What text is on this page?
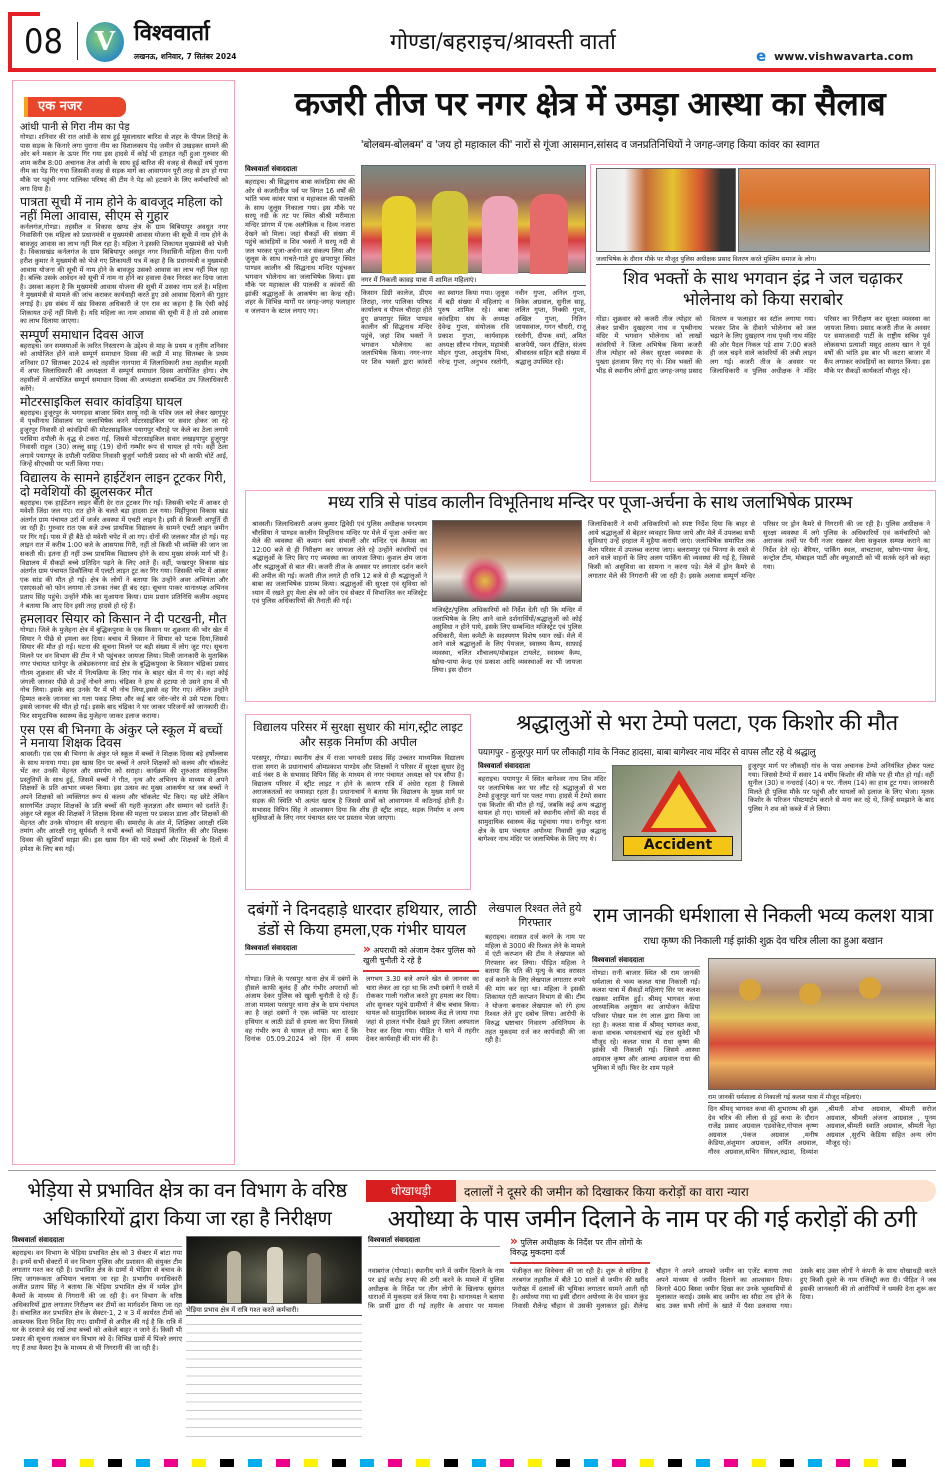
08	V विश्ववार्ता
लखनऊ, शनिवार, 7 सितंबर 2024
गोण्डा/बहराइच/श्रावस्ती वार्ता
e www.vishwavarta.com
एक नजर
आंधी पानी से गिरा नीम का पेड़
गोण्डा। शनिवार की रात आंधी के साथ हुई मूसलाधार बारिश से शहर के पीपल तिराहे के पास सड़क के किनारे लगा पुराना नीम का विशालकाय पेड़ जमीन से उखड़कर सामने की ओर बने मकान के ऊपर गिर गया इस हादसे में कोई भी हताहत नहीं हुआ गुरुवार की शाम करीब 8:00 अचानक तेज आंधी के साथ हुई बारिश की वजह से सैकड़ों वर्ष पुराना नीम का पेड़ गिर गया जिसकी वजह से सड़क मार्ग का आवागमन पूरी तरह से ठप हो गया मौके पर पहुंची नगर पालिका परिषद की टीम ने पेड़ को हटवाने के लिए कर्मचारियों को लगा दिया है।
पात्रता सूची में नाम होने के बावजूद महिला को नहीं मिला आवास, सीएम से गुहार
कर्नलगंज,गोण्डा। तहसील व विकास खण्ड क्षेत्र के ग्राम बिबियापुर अवधूत नगर निवासिनी एक महिला को प्रधानमंत्री व मुख्यमंत्री आवास योजना की सूची में नाम होने के बावजूद आवास का लाभ नहीं मिल रहा है। महिला ने इसकी शिकायत मुख्यमंत्री को भेजी है। विकासखंड कर्नलगंज के ग्राम बिबियापुर अवधूत नगर निवासिनी महिला रीना पत्नी हरीश कुमार ने मुख्यमंत्री को भेजे गए शिकायती पत्र में कहा है कि प्रधानमंत्री व मुख्यमंत्री आवास योजना की सूची में नाम होने के बावजूद उसको आवास का लाभ नहीं मिल रहा है। बल्कि उसके आवेदन को सूची में नाम ना होने का हवाला देकर निरस्त कर दिया जाता है। उसका कहना है कि मुख्यमंत्री आवास योजना की सूची में उसका नाम दर्ज है। महिला ने मुख्यमंत्री से मामले की जांच कराकर कार्यवाही करते हुए उसे आवास दिलाने की गुहार लगाई है। इस संबंध में खंड विकास अधिकारी जे एन राव का कहना है कि ऐसी कोई शिकायत उन्हें नहीं मिली है। यदि महिला का नाम आवास की सूची में है तो उसे आवास का लाभ दिलाया जाएगा।
सम्पूर्ण समाधान दिवस आज
बहराइच। जन समस्याओं के त्वरित निस्तारण के उद्देश्य से माह के प्रथम व तृतीय शनिवार को आयोजित होने वाले सम्पूर्ण समाधान दिवस की कड़ी में माह सितम्बर के प्रथम शनिवार 07 सितम्बर 2024 को तहसील नानपारा में जिलाधिकारी तथा तहसील महसी में अपर जिलाधिकारी की अध्यक्षता में सम्पूर्ण समाधान दिवस आयोजित होगा। शेष तहसीलों में आयोजित सम्पूर्ण समाधान दिवस की अध्यक्षता सम्बन्धित उप जिलाधिकारी करेंगे।
मोटरसाइकिल सवार कांवड़िया घायल
बहराइच। हुजूरपुर के भगगड़वा बाजार स्थित सरयू नदी के पवित्र जल को लेकर खरगुपुर में पृथ्वीनाथ शिवालय पर जलाभिषेक करने मोटरसाइकिल पर सवार होकर जा रहे हुजूरपुर निवासी दो कांवड़ियों की मोटरसाइकिल पयागपुर चौराहे पर केले का ठेला लगाये परसिया दपौली के वृद्ध से टकरा गई, जिससे मोटरसाइकिल सवार लखइयापुर हुजूरपुर निवासी राहुल (30) लल्लू साहू (19) दोनों गम्भीर रूप से घायल हो गये। वहीं ठेला लगाये पयागपुर के दपौली परसिया निवासी बुजुर्ग भगौती प्रसाद को भी काफी चोटें आईं, जिन्हें सीएचसी पर भर्ती किया गया।
विद्यालय के सामने हाईटेंशन लाइन टूटकर गिरी, दो मवेशियों की झुलसकर मौत
बहराइच। एक हाईटेंशन लाइन बीती देर रात टूटकर गिर गई। जिसकी चपेट में आकर दो मवेशी जिंदा जल गए। रात होने के चलते बड़ा हादसा टल गया। मिहींपुरवा विकास खंड अंतर्गत ग्राम पंचायत उर्रा में जर्जर अवस्था में एचटी लाइन है। इसी से बिजली आपूर्ति दी जा रही है। गुरुवार रात एक बजे उच्च प्राथमिक विद्यालय के सामने एचटी लाइन जमीन पर गिर गई। पास में ही बैठे दो मवेशी चपेट में आ गए। दोनों की जलकर मौत हो गई। यह लाइन रात में करीब 1:00 बजे के आसपास गिरी, नहीं तो किसी भी व्यक्ति की जान जा सकती थी। इतना ही नहीं उच्च प्राथमिक विद्यालय होने के साथ मुख्य संपर्क मार्ग भी है। विद्यालय में सैकड़ों बच्चे प्रतिदिन पढ़ने के लिए आते हैं। वहीं, फखरपुर विकास खंड अंतर्गत ग्राम पंचायत डिकौलिया में एलटी लाइन टूट कर गिर गया। जिसकी चपेट में आकर एक सांड की मौत हो गई। क्षेत्र के लोगों ने बताया कि उन्होंने अवर अभियंता और एसएसओ को फोन लगाया तो उनका नंबर ही बंद रहा। सूचना पाकर थानाध्यक्ष अभिनव प्रताप सिंह पहुंचे। उन्होंने मौके का मुआयना किया। ग्राम प्रधान प्रतिनिधि कलीम अहमद ने बताया कि आए दिन इसी तरह हादसे हो रहे हैं।
हमलावर सियार को किसान ने दी पटखनी, मौत
गोण्डा। जिले के मुजेहना क्षेत्र में बुद्धिकपुरवा के एक किसान पर शुक्रवार की भोर खेत में सियार ने पीछे से हमला कर दिया। बचाव में किसान ने सियार को पटक दिया,जिससे सियार की मौत हो गई। घटना की सूचना मिलने पर बड़ी संख्या में लोग जुट गए। सूचना मिलने पर वन विभाग की टीम ने भी पहुंचकर जायजा लिया। मिली जानकारी के मुताबिक नगर पंचायत धानेपुर के अंबेडकरनगर वार्ड क्षेत्र के बुद्धिकपुरवा के किसान चंद्रिका प्रसाद गौतम शुक्रवार की भोर में नित्यक्रिया के लिए गांव के बाहर खेत में गए थे। वहां कोई जंगली जानवर पीछे से उन्हें नोचने लगा। चंद्रिका ने हाथ से हटाया तो उसने हाथ में भी नोच लिया। इसके बाद उनके पैर में भी नोच लिया,इससे वह गिर गए। लेकिन उन्होंने हिम्मत करके जानवर का गला पकड़ लिया और कई बार जोर-जोर से उसे पटक दिया। इससे जानवर की मौत हो गई। इसके बाद चंद्रिका ने घर जाकर परिजनों को जानकारी दी। फिर सामुदायिक स्वास्थ्य केंद्र मुजेहना जाकर इलाज कराया।
एस एस बी भिनगा के अंकुर प्ले स्कूल में बच्चों ने मनाया शिक्षक दिवस
श्रावस्ती। एस एस बी भिनगा के अंकुर प्ले स्कूल में बच्चों ने शिक्षक दिवस बड़े हर्षोल्लास के साथ मनाया गया। इस खास दिन पर बच्चों ने अपने शिक्षकों को कलम और चॉकलेट भेंट कर उनकी मेहनत और समर्पण को सराहा। कार्यक्रम की शुरुआत सांस्कृतिक प्रस्तुतियों के साथ हुई, जिसमें बच्चों ने गीत, नृत्य और अभिनय के माध्यम से अपने शिक्षकों के प्रति आभार व्यक्त किया। इस उत्सव का मुख्य आकर्षण था जब बच्चों ने अपने शिक्षकों को व्यक्तिगत रूप से कलम और चॉकलेट भेंट किए। यह छोटे लेकिन सारगर्भित उपहार शिक्षकों के प्रति बच्चों की गहरी कृतज्ञता और सम्मान को दर्शाते हैं। अंकुर प्ले स्कूल की शिक्षकों ने शिक्षक दिवस की महत्ता पर प्रकाश डाला और शिक्षकों की मेहनत और उनके योगदान की सराहना की। समारोह के अंत में, शिक्षिका आरक्षी रश्मि तमांग और आरक्षी रानू सूर्यवंशी ने सभी बच्चों को मिठाइयाँ वितरित की और शिक्षक दिवस की खुशियाँ साझा की। इस खास दिन की यादें बच्चों और शिक्षकों के दिलों में हमेशा के लिए बस गईं।
कजरी तीज पर नगर क्षेत्र में उमड़ा आस्था का सैलाब
'बोलबम-बोलबम' व 'जय हो महाकाल की' नारों से गूंजा आसमान,सांसद व जनप्रतिनिधियों ने जगह-जगह किया कांवर का स्वागत
विश्ववार्ता संवाददाता
बहराइच। श्री सिद्धनाथ बाबा कांवड़िया संघ की ओर से कजरीतीज पर्व पर विगत 16 वर्षों की भांति भव्य कांवर यात्रा व महाकाल की पालकी के साथ जुलूस निकाला गया। इस मौके पर सरयू नदी के तट पर स्थित श्रीश्री मरीमाता मन्दिर प्रांगण में एक अलौकिक व दिव्य नजारा देखने को मिला। जहां सैकड़ों की संख्या में पहुंचे कांवड़ियों व शिव भक्तों ने सरयू नदी से जल भरकर पूजा-अर्चना कर संकल्प लिया और जुलूस के साथ नाचते-गाते हुए छपरापुर स्थित पाण्डव कालीन श्री सिद्धनाथ मन्दिर पहुंचकर भगवान भोलेनाथ का जलाभिषेक किया। इस मौके पर महाकाल की पालकी व कांवरों की झांकी श्रद्धालुओं के आकर्षण का केन्द्र रही। शहर के विभिन्न मार्गों पर जगह-जगह फलाहार व जलपान के स्टाल लगाए गए।
नगर में निकली कावड़ यात्रा में शामिल महिलाएं।
किसान डिग्री कालेज, डीएम तिराहा, नगर पालिका परिषद कार्यालय व पीपल चौराहा होते हुए छपरापुर स्थित पाण्डव कालीन श्री सिद्धनाथ मन्दिर पहुंचे, जहां शिव भक्तों ने भगवान भोलेनाथ का जलाभिषेक किया। नगर-नगर पर शिव भक्तों द्वारा कांवरों का स्वागत किया गया। जुलूस में बड़ी संख्या में महिलाएं व पुरुष शामिल रहे। बाबा कांवड़िया संघ के अध्यक्ष देवेन्द्र गुप्ता, संयोजक रवि प्रकाश गुप्ता, कार्यवाहक अध्यक्ष सौरभ गोयल, महामंत्री मोहन गुप्ता, आशुतोष मिश्रा, नरेन्द्र गुप्ता, अनुभव रस्तोगी, नवीन गुप्ता, अनिल गुप्ता, विवेक अग्रवाल, सुनील साहू, ललित गुप्ता, निक्की गुप्ता, अखिल गुप्ता, नितिन जायसवाल, गगन चौधरी, राजू रस्तोगी, दीपक वर्मा, अमित बाजपेयी, पवन दीक्षित, संजय श्रीवास्तव सहित बड़ी संख्या में श्रद्धालु उपस्थित रहे।
जलाभिषेक के दौरान मौके पर मौजूद पुलिस अधीक्षक प्रसाद वितरण करते मुस्लिम समाज के लोग।
शिव भक्तों के साथ भगवान इंद्र ने जल चढ़ाकर भोलेनाथ को किया सराबोर
गोंडा। शुक्रवार को कजरी तीज त्योहार को लेकर प्राचीन दुखहरण नाथ व पृथ्वीनाथ मंदिर में भगवान भोलेनाथ को लाखों कांवरियों ने जिला अभिषेक किया कजरी तीज त्योहार को लेकर सुरक्षा व्यवस्था के पुख्ता इंतजाम किए गए थे। शिव भक्तों की भीड़ से स्थानीय लोगों द्वारा जगह-जगह प्रसाद वितरण व फलाहार का स्टॉल लगाया गया। भरकर शिव के दीवाने भोलेनाथ को जल चढ़ाने के लिए दुखहरण नाथ पृथ्वी नाथ मंदिर की ओर पैदल निकल पड़े शाम 7:00 बजते ही जल चढ़ने वाले कांवरियों की लंबी लाइन लग गई। कजरी तीज के अवसर पर जिलाधिकारी व पुलिस अधीक्षक ने मंदिर परिसर का निरीक्षण कर सुरक्षा व्यवस्था का जायजा लिया। प्रसाद कजरी तीज के अवसर पर समाजवादी पार्टी के राष्ट्रीय सचिव पूर्व लोकसभा प्रत्याशी मसूद आलम खान ने पूर्व वर्षों की भांति इस बार भी कटरा बाजार में कैंप लगाकर कांवड़ियों का स्वागत किया। इस मौके पर सैकड़ों कार्यकर्ता मौजूद रहे।
मध्य रात्रि से पांडव कालीन विभूतिनाथ मन्दिर पर पूजा-अर्चना के साथ जलाभिषेक प्रारम्भ
श्रावस्ती। जिलाधिकारी अजय कुमार द्विवेदी एवं पुलिस अधीक्षक घनश्याम चौरसिया ने पाण्डव कालीन विभूतिनाथ मन्दिर पर मेले में पूजा अर्चना कर मेले की व्यवस्था की कमान स्वयं संभाली और मन्दिर एवं कैम्पस का 12:00 बजे से ही निरीक्षण कर जायजा लेते रहे उन्होंने कांवरियों एवं श्रद्धालुओं के लिए किए गए व्यवस्था का जायजा लिया। कुशल क्षेम जाना और श्रद्धालुओं से बात की। कजरी तीज के अवसर पर लगातार दर्शन करने की अपील की गई। कजरी तीज लगते ही रात्रि 12 बजे से ही श्रद्धालुओं ने बाबा का जलाभिषेक प्रारम्भ किया। श्रद्धालुओं की सुरक्षा एवं सुविधा को ध्यान में रखते हुए मेला क्षेत्र को जोन एवं सेक्टर में विभाजित कर मजिस्ट्रेट एवं पुलिस अधिकारियों की तैनाती की गई।
मजिस्ट्रेट/पुलिस अधिकारियों को निर्देश देती रही कि मन्दिर में जलाभिषेक के लिए आने वाले दर्शनार्थियों/श्रद्धालुओं को कोई असुविधा न होने पाये, इसके लिए सम्बन्धित मजिस्ट्रेट एवं पुलिस अधिकारी, मेला कमेटी के सदस्यगण विशेष ध्यान रखें। मेले में आने वाले श्रद्धालुओं के लिए पेयजल, स्वास्थ्य कैम्प, साफ़ाई व्यवस्था, चलित शौचालय/मोबाइल टायलेट, स्वास्थ्य कैम्प, खोया-पाया केन्द्र एवं प्रकाश आदि व्यवस्थाओं का भी जायजा लिया। इस दौरान
जिलाधिकारी ने सभी अधिकारियों को स्पष्ट निर्देश दिया कि बाहर से आये श्रद्धालुओं से बेहतर व्यवहार किया जाये और मेले में उपलब्ध सभी सुविधाएं उन्हें हरहाल में मुहैया करायी जाएं। जलाभिषेक समापित तक मेला परिसर में उपलब्ध कराया जाए। बलरामपुर एवं भिनगा के रास्ते से आने वाले वाहनों के लिए अलग पार्किंग की व्यवस्था की गई है, जिससे किसी को असुविधा का सामना न करना पड़े। मेले में ड्रोन कैमरे से लगातार मेले की निगरानी की जा रही है। इसके अलावा सम्पूर्ण मन्दिर परिसर पर ड्रोन कैमरे से निगरानी की जा रही है। पुलिस अधीक्षक ने सुरक्षा व्यवस्था में लगे पुलिस के अधिकारियों एवं कर्मचारियों को अराजक तत्वों पर पैनी नजर रखकर मेला सकुशल सम्पन्न कराने का निर्देश देते रहे। बैरियर, पार्किंग स्थल, वाचटावर, खोया-पाया केन्द्र, कन्ट्रोल टीम, मोबाइल पार्टी और क्यूआरटी को भी सतर्क रहने को कहा गया।
विद्यालय परिसर में सुरक्षा सुधार की मांग,स्ट्रीट लाइट और सड़क निर्माण की अपील
परसपुर, गोण्डा। स्थानीय क्षेत्र में राजा भगवती प्रसाद सिंह उच्चतर माध्यमिक विद्यालय राजा सगरा के प्रधानाचार्य ओमप्रकाश पाण्डेय और शिक्षकों ने परिसर में सुरक्षा सुधार हेतु वार्ड नंबर 8 के सभासद विपिन सिंह के माध्यम से नगर पंचायत अध्यक्ष को पत्र सौंपा है। विद्यालय परिसर में स्ट्रीट लाइट न होने के कारण रात्रि में अंधेरा रहता है जिससे अराजकतत्वों का जमावड़ा रहता है। प्रधानाचार्य ने बताया कि विद्यालय के मुख्य मार्ग पर सड़क की स्थिति भी अत्यंत खराब है जिससे छात्रों को आवागमन में कठिनाई होती है। सभासद विपिन सिंह ने आश्वासन दिया कि शीघ्र ही स्ट्रीट लाइट, सड़क निर्माण व अन्य सुविधाओं के लिए नगर पंचायत स्तर पर प्रस्ताव भेजा जाएगा।
श्रद्धालुओं से भरा टेम्पो पलटा, एक किशोर की मौत
पयागपुर - हुजूरपुर मार्ग पर लौकाही गांव के निकट हादसा, बाबा बागेश्वर नाथ मंदिर से वापस लौट रहे थे श्रद्धालु
विश्ववार्ता संवाददाता
बहराइच। पयागपुर में स्थित बागेश्वर नाथ शिव मंदिर पर जलाभिषेक कर घर लौट रहे श्रद्धालुओं से भरा टेम्पो हुजूरपुर मार्ग पर पलट गया। हादसे में टेम्पो सवार एक किशोर की मौत हो गई, जबकि कई अन्य श्रद्धालु घायल हो गए। घायलों को स्थानीय लोगों की मदद से सामुदायिक स्वास्थ्य केंद्र पहुंचाया गया। रानीपुर थाना क्षेत्र के ग्राम पंचायत अयोध्या निवासी कुछ श्रद्धालु बागेश्वर नाथ मंदिर पर जलाभिषेक के लिए गए थे।	Accident
हुजूरपुर मार्ग पर लौकाही गांव के पास अचानक टेम्पो अनियंत्रित होकर पलट गया। जिससे टैम्पो में सवार 14 वर्षीय किशोर की मौके पर ही मौत हो गई। वहीं सुनील (30) व नन्दराई (40) व पर. नीलम (14) का हाथ टूट गया। जानकारी मिलते ही पुलिस मौके पर पहुंची और घायलों को इलाज के लिए भेजा। मृतक किशोर के परिजन पोस्टमार्टम कराने से मना कर रहे थे, जिन्हें समझाने के बाद पुलिस ने शव को कब्जे में ले लिया।
दबंगों ने दिनदहाड़े धारदार हथियार, लाठी डंडों से किया हमला,एक गंभीर घायल
विश्ववार्ता संवाददाता	» अपराधी को अंजाम देकर पुलिस को खुली चुनौती दे रहे है
गोण्डा। जिले के परसपुर थाना क्षेत्र में दबंगों के हौसले काफी बुलंद हैं और गंभीर अपराधों को अंजाम देकर पुलिस को खुली चुनौती दे रहे हैं। ताजा मामला परसपुर थाना क्षेत्र के ग्राम पंचायत का है जहां दबंगों ने एक व्यक्ति पर धारदार हथियार व लाठी डंडों से हमला कर दिया जिससे वह गंभीर रूप से घायल हो गया। बता दें कि दिनांक 05.09.2024 को दिन में समय लगभग 3.30 बजे अपने खेत से जानवर का चारा लेकर आ रहा था कि तभी दबंगों ने रास्ते में रोककर गाली गलौज करते हुए हमला कर दिया। शोर सुनकर पहुंचे ग्रामीणों ने बीच बचाव किया। घायल को सामुदायिक स्वास्थ्य केंद्र ले जाया गया जहां से हालत गंभीर देखते हुए जिला अस्पताल रेफर कर दिया गया। पीड़ित ने थाने में तहरीर देकर कार्यवाही की मांग की है।
लेखपाल रिश्वत लेते हुये गिरफ्तार
बहराइच। वरासत दर्ज करने के नाम पर महिला से 3000 की रिश्वत लेने के मामले में एंटी करप्शन की टीम ने लेखपाल को गिरफ्तार कर लिया। पीड़ित महिला ने बताया कि पति की मृत्यु के बाद वरासत दर्ज कराने के लिए लेखपाल लगातार रुपये की मांग कर रहा था। महिला ने इसकी शिकायत एंटी करप्शन विभाग से की। टीम ने योजना बनाकर लेखपाल को रंगे हाथ रिश्वत लेते हुए दबोच लिया। आरोपी के विरुद्ध भ्रष्टाचार निवारण अधिनियम के तहत मुकदमा दर्ज कर कार्यवाही की जा रही है।
राम जानकी धर्मशाला से निकली भव्य कलश यात्रा
राधा कृष्ण की निकाली गई झांकी शुक्र देव चरित्र लीला का हुआ बखान
विश्ववार्ता संवाददाता
गोण्डा। रानी बाजार स्थित श्री राम जानकी धर्मशाला से भव्य कलश यात्रा निकाली गई। कलश यात्रा में सैकड़ों महिलाएं सिर पर कलश रखकर शामिल हुईं। श्रीमद् भागवत कथा आध्यात्मिक अनुष्ठान का आयोजन केडिया परिवार पोखर मल रंग लाल द्वारा किया जा रहा है। कलश यात्रा में श्रीमद् भागवत कथा, कथा वाचक भगवताचार्य चंद्र दत्त सुवेदी भी मौजूद रहे। कलश यात्रा में राधा कृष्ण की झांकी भी निकाली गई। जिसमे आस्था अग्रवाल कृष्ण और आल्या अग्रवाल राधा की भूमिका में रहीं। फिर देर शाम पहले
राम जानकी धर्मशाला से निकाली गई कलश यात्रा में मौजूद महिलाएं।
दिन श्रीमद् भागवत कथा की शुभारम्भ श्री शुक्र देव चरित्र की लीला से हुई कथा के दौरान राजेंद्र प्रसाद अग्रवाल एडवोकेट,गोपाल कृष्ण अग्रवाल ,पंकज अग्रवाल ,मनीष केडिया,अंशुमान अग्रवाल, अर्पित अग्रवाल, गौरव अग्रवाल,सचिन सिंघल,रुद्राश, दिव्यांश ,श्रीमती शोभा अग्रवाल, श्रीमती सरोज अग्रवाल, श्रीमती अंजना आग्रवाल , पूनम अग्रवाल,श्रीमती स्वाति अग्रवाल, श्रीमती नेहा अग्रवाल ,सुरभि केडिया सहित अन्य लोग मौजूद रहे।
भेड़िया से प्रभावित क्षेत्र का वन विभाग के वरिष्ठ अधिकारियों द्वारा किया जा रहा है निरीक्षण
विश्ववार्ता संवाददाता
बहराइच। वन विभाग के भेड़िया प्रभावित क्षेत्र को 3 सेक्टर में बांटा गया है। इनमें सभी सेक्टरों में वन विभाग पुलिस और प्रशासन की संयुक्त टीम लगातार गश्त कर रही है। प्रभावित क्षेत्र के ग्रामों में भेड़िया से बचाव के लिए जागरूकता अभियान चलाया जा रहा है। प्रभागीय वनाधिकारी अजीत प्रताप सिंह ने बताया कि भेड़िया प्रभावित क्षेत्र में थर्मल ड्रोन कैमरों के माध्यम से निगरानी की जा रही है। वन विभाग के वरिष्ठ अधिकारियों द्वारा लगातार निरीक्षण कर टीमों का मार्गदर्शन किया जा रहा है। संचालित कर प्रभावित क्षेत्र के सेक्टर-1, 2 व 3 में कार्यरत टीमों को आवश्यक दिशा निर्देश दिए गए। ग्रामीणों से अपील की गई है कि रात्रि में घर के दरवाजे बंद रखें तथा बच्चों को अकेले बाहर न जाने दें। किसी भी प्रकार की सूचना तत्काल वन विभाग को दें। विभिन्न ग्रामों में पिंजरे लगाए गए हैं तथा कैमरा ट्रैप के माध्यम से भी निगरानी की जा रही है।
भेड़िया प्रभाव क्षेत्र में रात्रि गश्त करते कर्मचारी।
धोखाधड़ी	दलालों ने दूसरे की जमीन को दिखाकर किया करोड़ों का वारा न्यारा
अयोध्या के पास जमीन दिलाने के नाम पर की गई करोड़ों की ठगी
विश्ववार्ता संवाददाता	» पुलिस अधीक्षक के निर्देश पर तीन लोगों के विरुद्ध मुकदमा दर्ज
नवाबगंज (गोण्डा)। स्थानीय थाने में जमीन दिलाने के नाम पर ढाई करोड़ रुपए की ठगी करने के मामले में पुलिस अधीक्षक के निर्देश पर तीन लोगों के खिलाफ सुसंगत धाराओं में मुकदमा दर्ज किया गया है। थानाध्यक्ष ने बताया कि प्रार्थी द्वारा दी गई तहरीर के आधार पर मामला पंजीकृत कर विवेचना की जा रही है। शुरू से संदिग्ध है तरबगंज तहसील में बीते 10 सालों से जमीन की खरीद फरोख्त में दलालों की भूमिका लगातार सामने आती रही है। अयोध्या गया था इसी दौरान अयोध्या के देव धावन कुंड निवासी शैलेन्द्र चौहान से उसकी मुलाकात हुई। शैलेन्द्र चौहान ने अपने आपको जमीन का एजेंट बताया तथा अपने माध्यम से जमीन दिलाने का आश्वासन दिया। किनारे 400 बिस्वा जमीन दिखा कर उनके भूस्वामियों से मुलाकात कराई। उसके बाद जमीन का सौदा तय होने के बाद उक्त सभी लोगों के खाते में पैसा डलवाया गया। उसके बाद उक्त लोगों ने कंपनी के साथ धोखाधड़ी करते हुए किसी दूसरे के नाम रजिस्ट्री करा दी। पीड़ित ने जब इसकी जानकारी की तो आरोपियों ने धमकी देना शुरू कर दिया।
